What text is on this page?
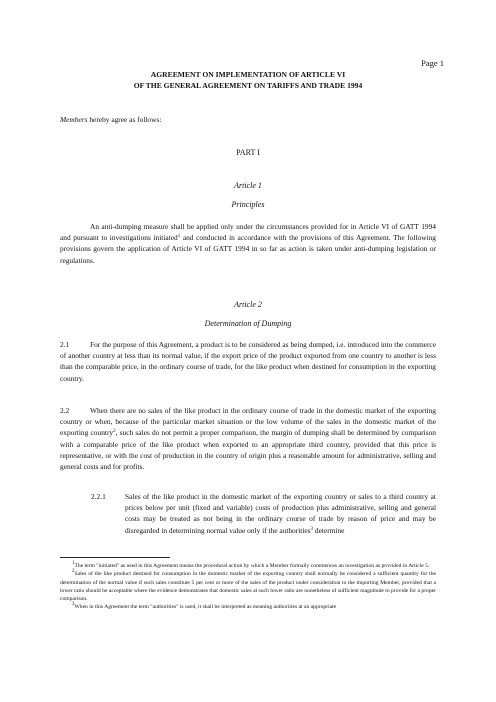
Page 1
AGREEMENT ON IMPLEMENTATION OF ARTICLE VI
OF THE GENERAL AGREEMENT ON TARIFFS AND TRADE 1994
Members hereby agree as follows:
PART I
Article 1
Principles
An anti-dumping measure shall be applied only under the circumstances provided for in Article VI of GATT 1994 and pursuant to investigations initiated$^1$ and conducted in accordance with the provisions of this Agreement. The following provisions govern the application of Article VI of GATT 1994 in so far as action is taken under anti-dumping legislation or regulations.
Article 2
Determination of Dumping
2.1	For the purpose of this Agreement, a product is to be considered as being dumped, i.e. introduced into the commerce of another country at less than its normal value, if the export price of the product exported from one country to another is less than the comparable price, in the ordinary course of trade, for the like product when destined for consumption in the exporting country.
2.2	When there are no sales of the like product in the ordinary course of trade in the domestic market of the exporting country or when, because of the particular market situation or the low volume of the sales in the domestic market of the exporting country$^2$, such sales do not permit a proper comparison, the margin of dumping shall be determined by comparison with a comparable price of the like product when exported to an appropriate third country, provided that this price is representative, or with the cost of production in the country of origin plus a reasonable amount for administrative, selling and general costs and for profits.
2.2.1	Sales of the like product in the domestic market of the exporting country or sales to a third country at prices below per unit (fixed and variable) costs of production plus administrative, selling and general costs may be treated as not being in the ordinary course of trade by reason of price and may be disregarded in determining normal value only if the authorities$^3$ determine

$^1$The term "initiated" as used in this Agreement means the procedural action by which a Member formally commences an investigation as provided in Article 5.

$^2$Sales of the like product destined for consumption in the domestic market of the exporting country shall normally be considered a sufficient quantity for the determination of the normal value if such sales constitute 5 per cent or more of the sales of the product under consideration to the importing Member, provided that a lower ratio should be acceptable where the evidence demonstrates that domestic sales at such lower ratio are nonetheless of sufficient magnitude to provide for a proper comparison.

$^3$When in this Agreement the term "authorities" is used, it shall be interpreted as meaning authorities at an appropriate
